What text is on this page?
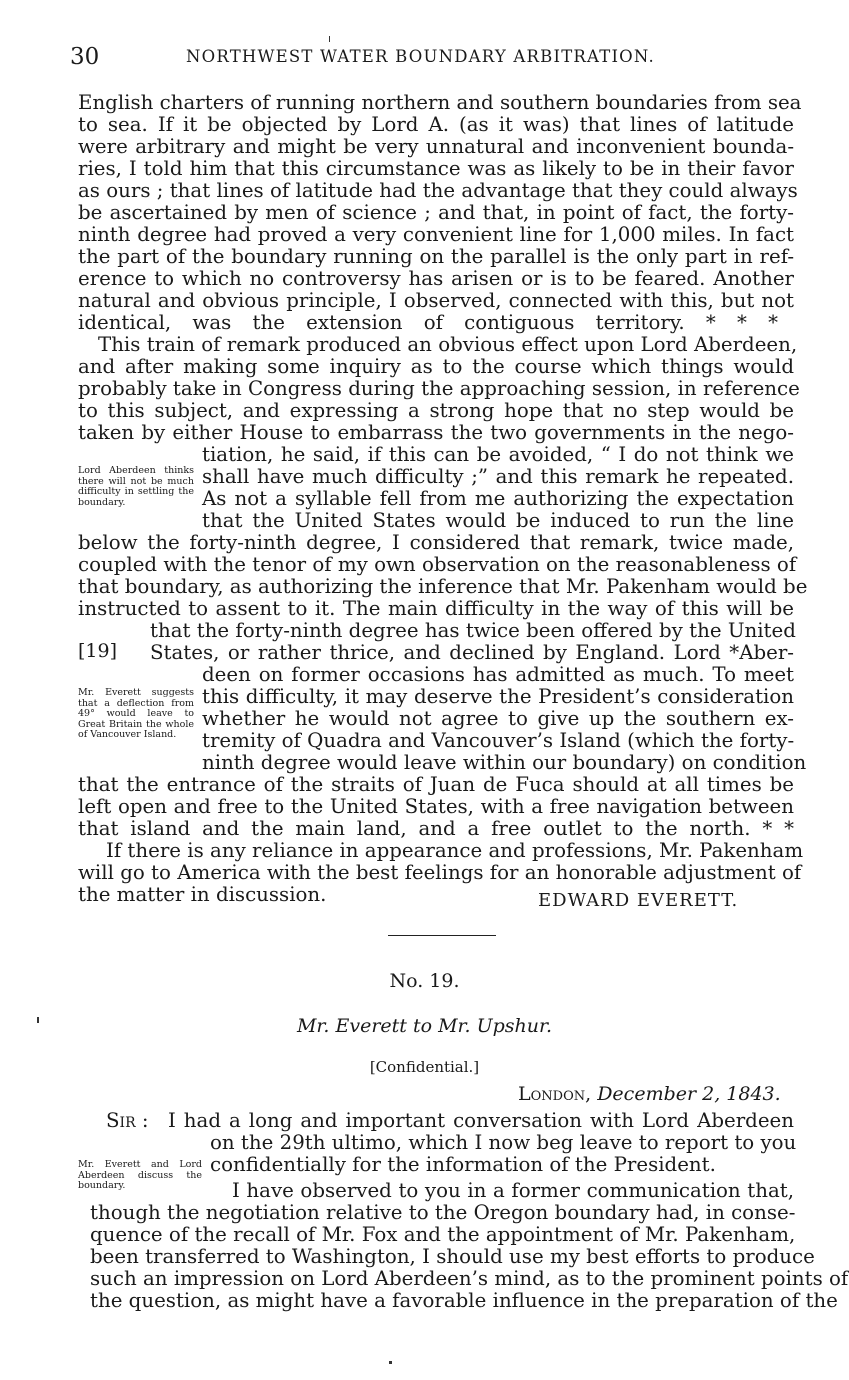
30	NORTHWEST WATER BOUNDARY ARBITRATION.
English charters of running northern and southern boundaries from sea
to sea. If it be objected by Lord A. (as it was) that lines of latitude
were arbitrary and might be very unnatural and inconvenient bounda-
ries, I told him that this circumstance was as likely to be in their favor
as ours ; that lines of latitude had the advantage that they could always
be ascertained by men of science ; and that, in point of fact, the forty-
ninth degree had proved a very convenient line for 1,000 miles. In fact
the part of the boundary running on the parallel is the only part in ref-
erence to which no controversy has arisen or is to be feared. Another
natural and obvious principle, I observed, connected with this, but not
identical, was the extension of contiguous territory. * * *
This train of remark produced an obvious effect upon Lord Aberdeen,
and after making some inquiry as to the course which things would
probably take in Congress during the approaching session, in reference
to this subject, and expressing a strong hope that no step would be
taken by either House to embarrass the two governments in the nego-
tiation, he said, if this can be avoided, “ I do not think we
shall have much difficulty ;” and this remark he repeated.
As not a syllable fell from me authorizing the expectation
that the United States would be induced to run the line
Lord Aberdeen thinks there will not be much difficulty in settling the boundary.
below the forty-ninth degree, I considered that remark, twice made,
coupled with the tenor of my own observation on the reasonableness of
that boundary, as authorizing the inference that Mr. Pakenham would be
instructed to assent to it. The main difficulty in the way of this will be
that the forty-ninth degree has twice been offered by the United
[19] States, or rather thrice, and declined by England. Lord *Aber-
deen on former occasions has admitted as much. To meet
this difficulty, it may deserve the President’s consideration
whether he would not agree to give up the southern ex-
tremity of Quadra and Vancouver’s Island (which the forty-
ninth degree would leave within our boundary) on condition
Mr. Everett suggests that a deflection from 49° would leave to Great Britain the whole of Vancouver Island.
that the entrance of the straits of Juan de Fuca should at all times be
left open and free to the United States, with a free navigation between
that island and the main land, and a free outlet to the north. * *
If there is any reliance in appearance and professions, Mr. Pakenham
will go to America with the best feelings for an honorable adjustment of
the matter in discussion.	EDWARD EVERETT.
No. 19.
Mr. Everett to Mr. Upshur.
[Confidential.]
London, December 2, 1843.
Sir : I had a long and important conversation with Lord Aberdeen
on the 29th ultimo, which I now beg leave to report to you
confidentially for the information of the President.
Mr. Everett and Lord Aberdeen discuss the boundary.	I have observed to you in a former communication that,
though the negotiation relative to the Oregon boundary had, in conse-
quence of the recall of Mr. Fox and the appointment of Mr. Pakenham,
been transferred to Washington, I should use my best efforts to produce
such an impression on Lord Aberdeen’s mind, as to the prominent points of
the question, as might have a favorable influence in the preparation of the
